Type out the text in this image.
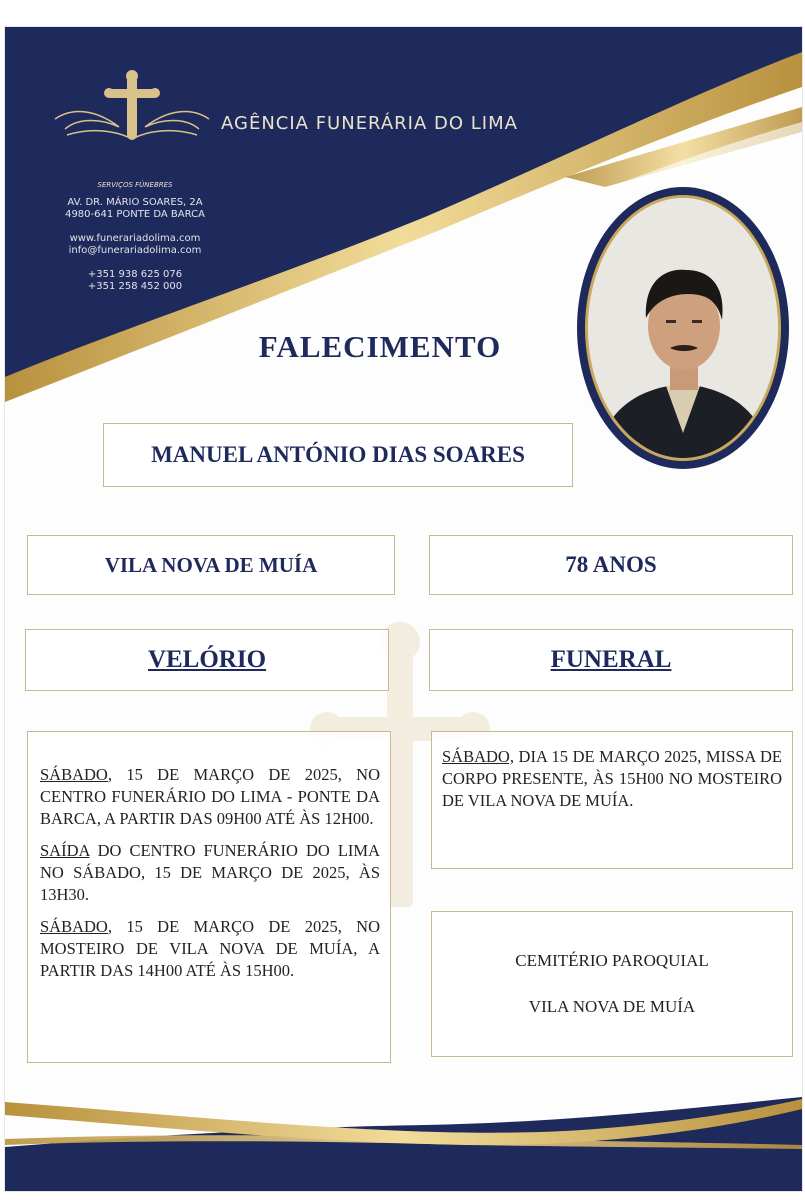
AGÊNCIA FUNERÁRIA DO LIMA
SERVIÇOS FÚNEBRES
AV. DR. MÁRIO SOARES, 2A
4980-641 PONTE DA BARCA
www.funerariadolima.com
info@funerariadolima.com
+351 938 625 076
+351 258 452 000
FALECIMENTO
MANUEL ANTÓNIO DIAS SOARES
VILA NOVA DE MUÍA	78 ANOS
VELÓRIO	FUNERAL

SÁBADO, 15 DE MARÇO DE 2025, NO CENTRO FUNERÁRIO DO LIMA - PONTE DA BARCA, A PARTIR DAS 09H00 ATÉ ÀS 12H00.

SAÍDA DO CENTRO FUNERÁRIO DO LIMA NO SÁBADO, 15 DE MARÇO DE 2025, ÀS 13H30.

SÁBADO, 15 DE MARÇO DE 2025, NO MOSTEIRO DE VILA NOVA DE MUÍA, A PARTIR DAS 14H00 ATÉ ÀS 15H00.

SÁBADO, DIA 15 DE MARÇO 2025, MISSA DE CORPO PRESENTE, ÀS 15H00 NO MOSTEIRO DE VILA NOVA DE MUÍA.

CEMITÉRIO PAROQUIAL
VILA NOVA DE MUÍA
